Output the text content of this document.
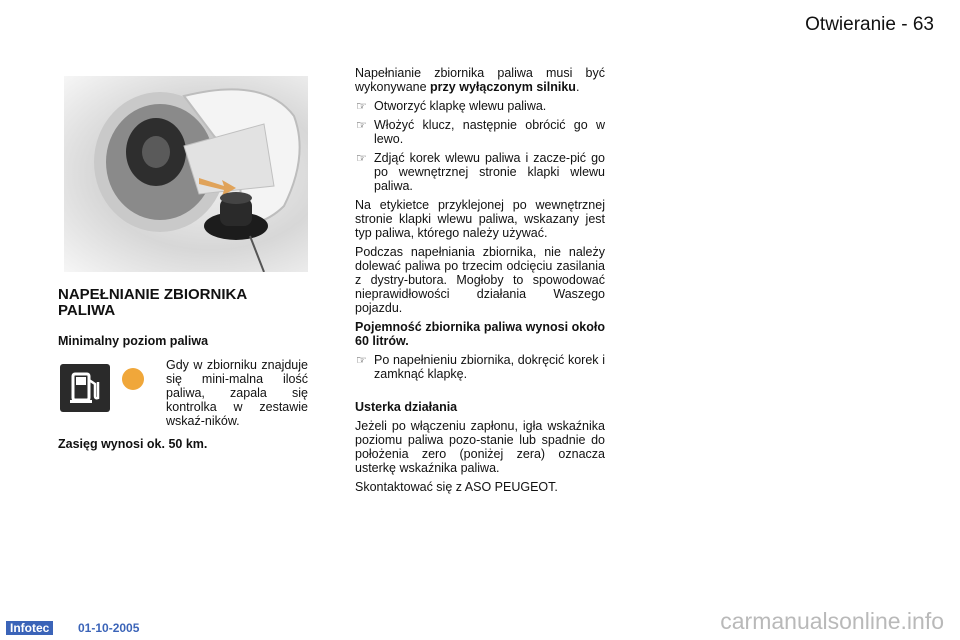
Otwieranie - 63
NAPEŁNIANIE ZBIORNIKA PALIWA
Minimalny poziom paliwa

Gdy w zbiorniku znajduje się mini-malna ilość paliwa, zapala się kontrolka w zestawie wskaź-ników.

Zasięg wynosi ok. 50 km.

Napełnianie zbiornika paliwa musi być wykonywane przy wyłączonym silniku.

☞ Otworzyć klapkę wlewu paliwa.
☞ Włożyć klucz, następnie obrócić go w lewo.
☞ Zdjąć korek wlewu paliwa i zacze-pić go po wewnętrznej stronie klapki wlewu paliwa.

Na etykietce przyklejonej po wewnętrznej stronie klapki wlewu paliwa, wskazany jest typ paliwa, którego należy używać.

Podczas napełniania zbiornika, nie należy dolewać paliwa po trzecim odcięciu zasilania z dystry-butora. Mogłoby to spowodować nieprawidłowości działania Waszego pojazdu.

Pojemność zbiornika paliwa wynosi około 60 litrów.

☞ Po napełnieniu zbiornika, dokręcić korek i zamknąć klapkę.

Usterka działania

Jeżeli po włączeniu zapłonu, igła wskaźnika poziomu paliwa pozo-stanie lub spadnie do położenia zero (poniżej zera) oznacza usterkę wskaźnika paliwa.

Skontaktować się z ASO PEUGEOT.

Infotec	01-10-2005	carmanualsonline.info
